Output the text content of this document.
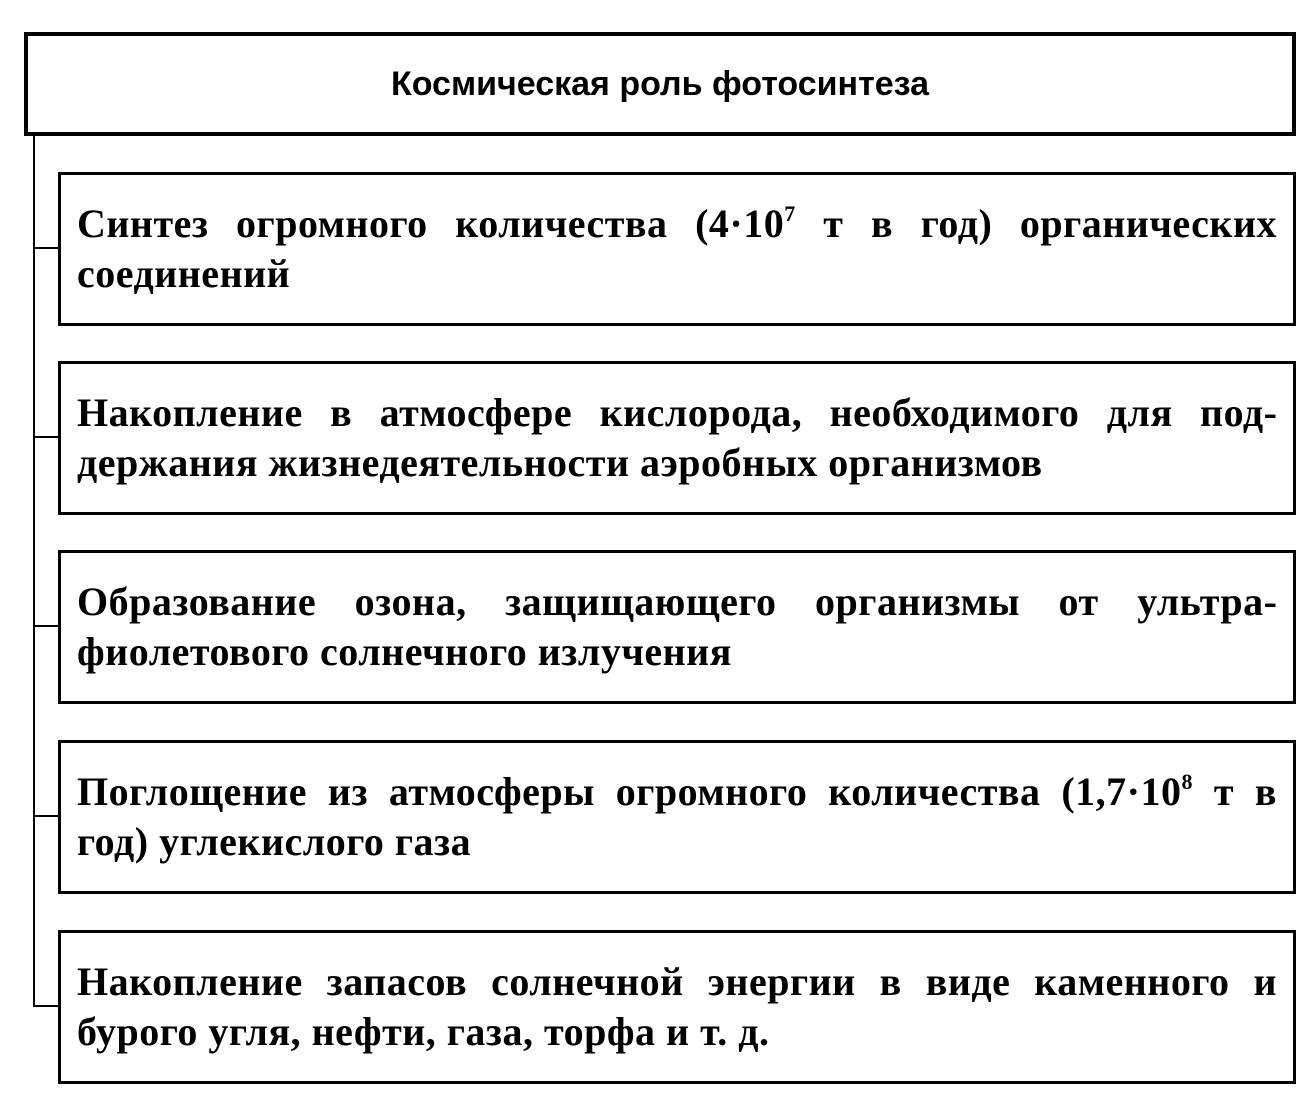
Космическая роль фотосинтеза
Синтез огромного количества ($4\cdot 10^7$ т в год) органических соединений
Накопление в атмосфере кислорода, необходимого для поддержания жизнедеятельности аэробных организмов
Образование озона, защищающего организмы от ультрафиолетового солнечного излучения
Поглощение из атмосферы огромного количества ($1,7\cdot 10^8$ т в год) углекислого газа
Накопление запасов солнечной энергии в виде каменного и бурого угля, нефти, газа, торфа и т. д.
